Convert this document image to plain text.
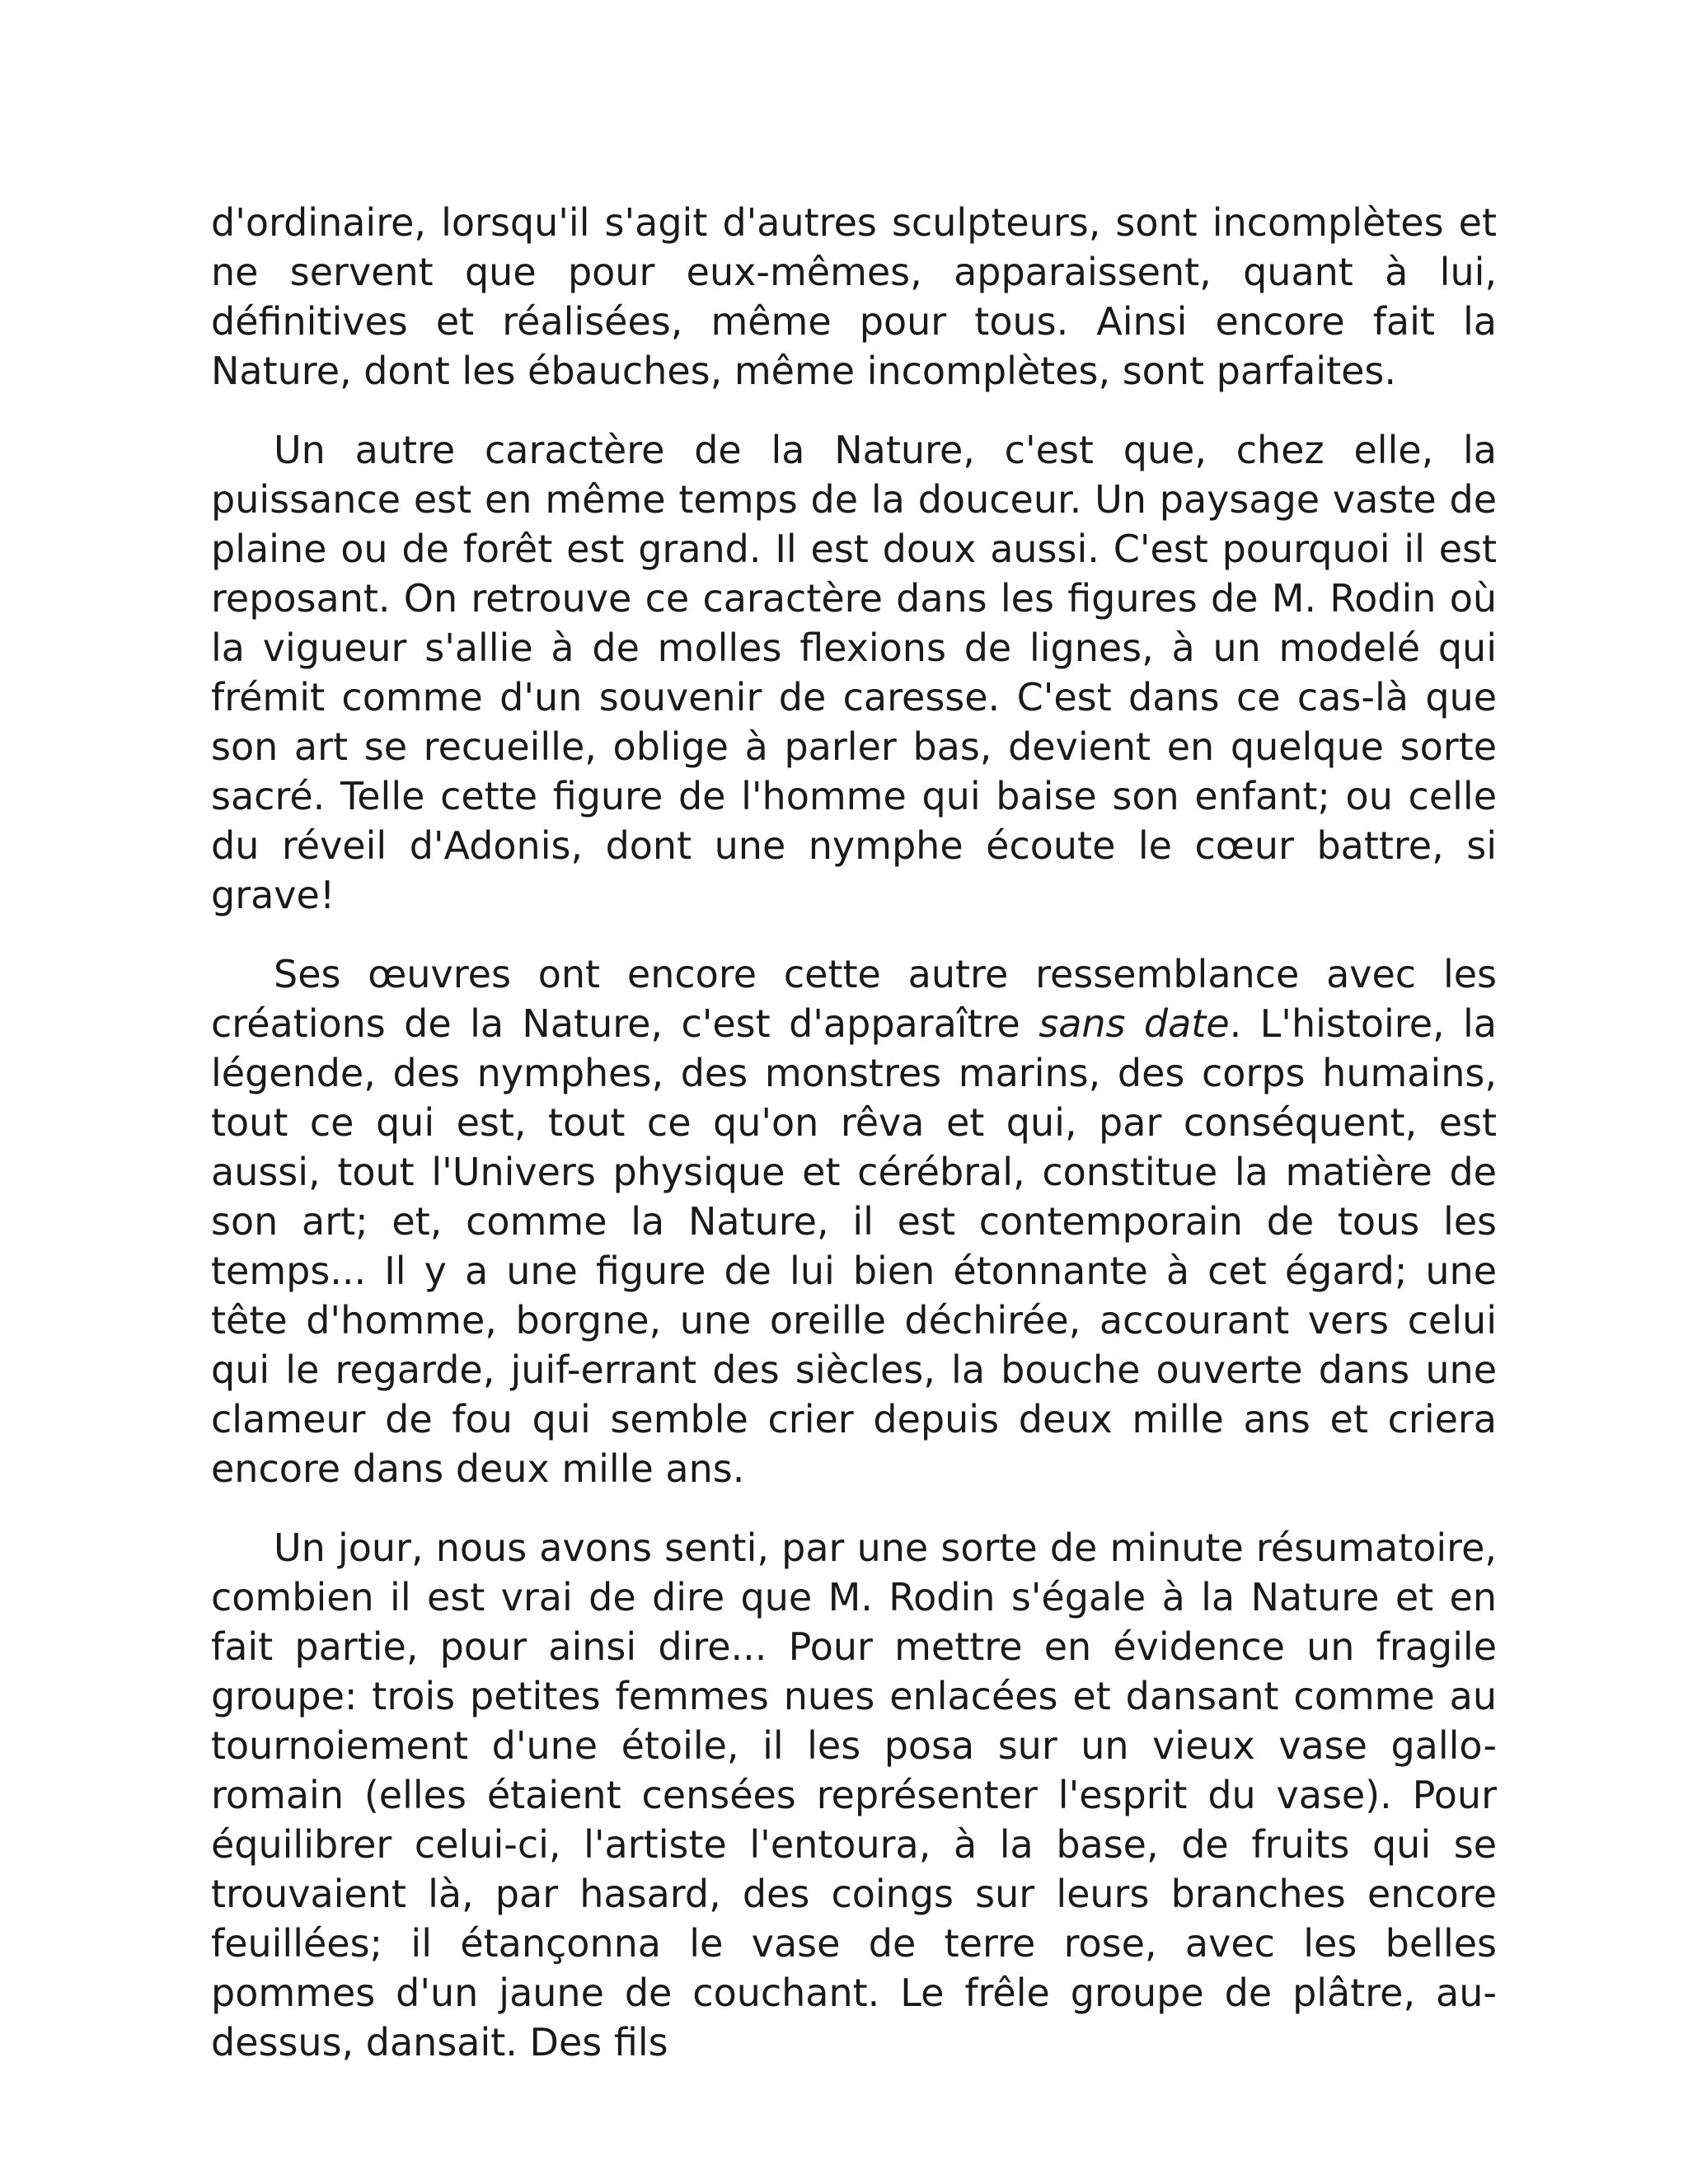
d'ordinaire, lorsqu'il s'agit d'autres sculpteurs, sont incomplètes et ne servent que pour eux-mêmes, apparaissent, quant à lui, définitives et réalisées, même pour tous. Ainsi encore fait la Nature, dont les ébauches, même incomplètes, sont parfaites.

Un autre caractère de la Nature, c'est que, chez elle, la puissance est en même temps de la douceur. Un paysage vaste de plaine ou de forêt est grand. Il est doux aussi. C'est pourquoi il est reposant. On retrouve ce caractère dans les figures de M. Rodin où la vigueur s'allie à de molles flexions de lignes, à un modelé qui frémit comme d'un souvenir de caresse. C'est dans ce cas-là que son art se recueille, oblige à parler bas, devient en quelque sorte sacré. Telle cette figure de l'homme qui baise son enfant; ou celle du réveil d'Adonis, dont une nymphe écoute le cœur battre, si grave!

Ses œuvres ont encore cette autre ressemblance avec les créations de la Nature, c'est d'apparaître sans date. L'histoire, la légende, des nymphes, des monstres marins, des corps humains, tout ce qui est, tout ce qu'on rêva et qui, par conséquent, est aussi, tout l'Univers physique et cérébral, constitue la matière de son art; et, comme la Nature, il est contemporain de tous les temps... Il y a une figure de lui bien étonnante à cet égard; une tête d'homme, borgne, une oreille déchirée, accourant vers celui qui le regarde, juif-errant des siècles, la bouche ouverte dans une clameur de fou qui semble crier depuis deux mille ans et criera encore dans deux mille ans.

Un jour, nous avons senti, par une sorte de minute résumatoire, combien il est vrai de dire que M. Rodin s'égale à la Nature et en fait partie, pour ainsi dire... Pour mettre en évidence un fragile groupe: trois petites femmes nues enlacées et dansant comme au tournoiement d'une étoile, il les posa sur un vieux vase gallo-romain (elles étaient censées représenter l'esprit du vase). Pour équilibrer celui-ci, l'artiste l'entoura, à la base, de fruits qui se trouvaient là, par hasard, des coings sur leurs branches encore feuillées; il étançonna le vase de terre rose, avec les belles pommes d'un jaune de couchant. Le frêle groupe de plâtre, au-dessus, dansait. Des fils
